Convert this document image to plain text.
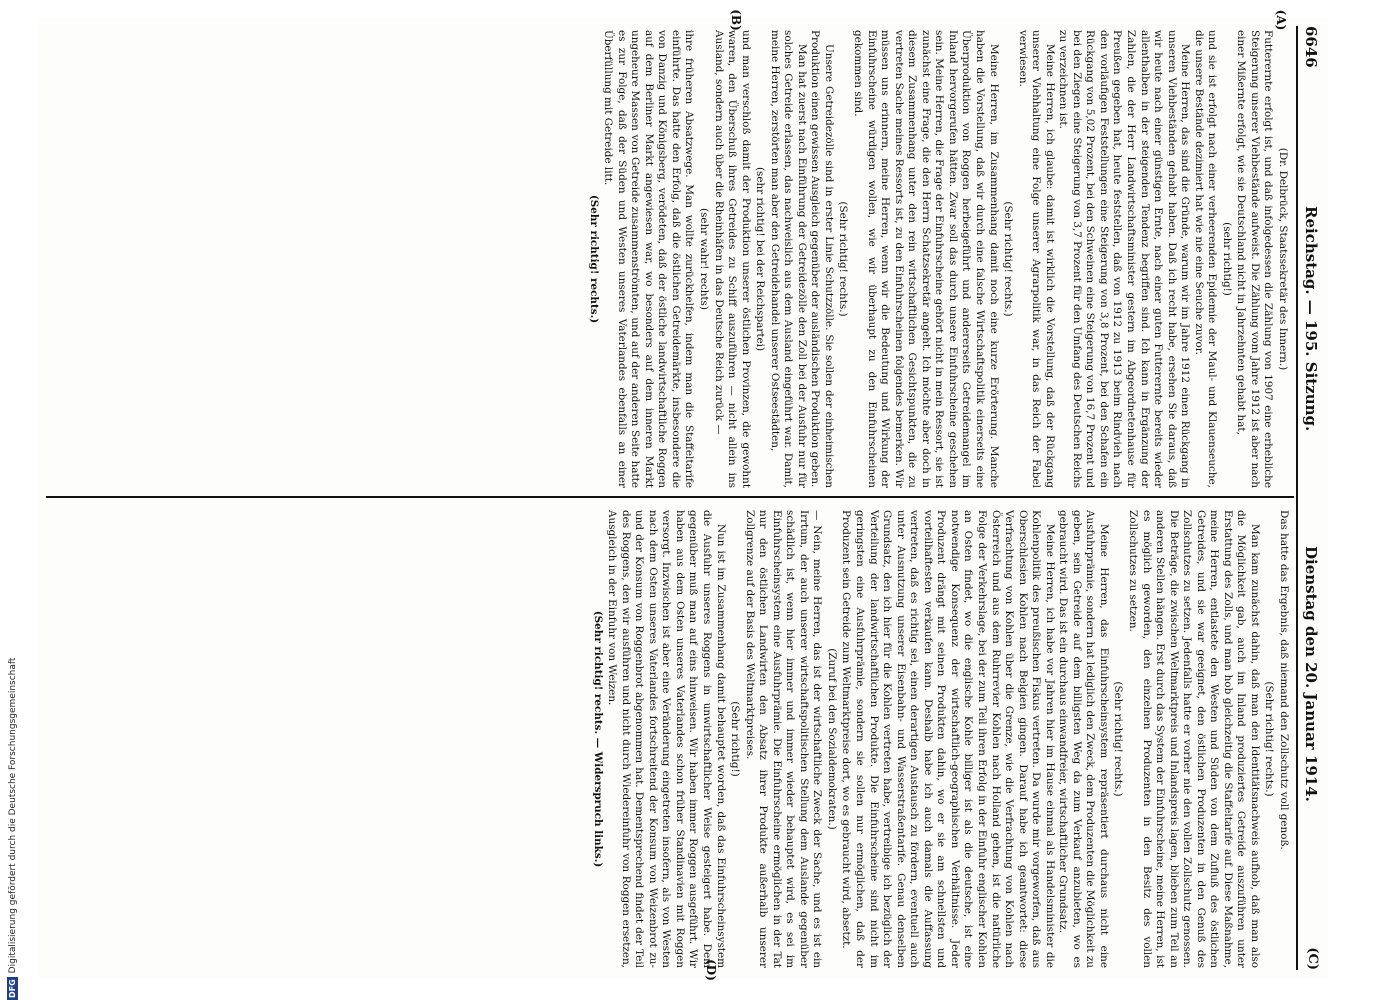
6646
Reichstag. — 195. Sitzung.
Dienstag den 20. Januar 1914.
(C)
(A)
(B)
(D)

(Dr. Delbrück, Staatssekretär des Innern.)

Futterernte erfolgt ist, und daß infolgedessen die Zählung von 1907 eine erhebliche Steigerung unserer Viehbestände aufweist. Die Zählung vom Jahre 1912 ist aber nach einer Mißernte erfolgt, wie sie Deutschland nicht in Jahrzehnten gehabt hat,

(sehr richtig!)

und sie ist erfolgt nach einer verheerenden Epidemie der Maul- und Klauenseuche, die unsere Bestände dezimiert hat wie nie eine Seuche zuvor.

Meine Herren, das sind die Gründe, warum wir im Jahre 1912 einen Rückgang in unseren Viehbeständen gehabt haben. Daß ich recht habe, ersehen Sie daraus, daß wir heute nach einer günstigen Ernte, nach einer guten Futterernte bereits wieder allenthalben in der steigenden Tendenz begriffen sind. Ich kann in Ergänzung der Zahlen, die der Herr Landwirtschaftsminister gestern im Abgeordnetenhause für Preußen gegeben hat, heute feststellen, daß von 1912 zu 1913 beim Rindvieh nach den vorläufigen Feststellungen eine Steigerung von 3,8 Prozent, bei den Schafen ein Rückgang von 5,02 Prozent, bei den Schweinen eine Steigerung von 16,7 Prozent und bei den Ziegen eine Steigerung von 3,7 Prozent für den Umfang des Deutschen Reichs zu verzeichnen ist.

Meine Herren, ich glaube: damit ist wirklich die Vorstellung, daß der Rückgang unserer Viehhaltung eine Folge unserer Agrarpolitik war, in das Reich der Fabel verwiesen.

(Sehr richtig! rechts.)

Meine Herren, im Zusammenhang damit noch eine kurze Erörterung. Manche haben die Vorstellung, daß wir durch eine falsche Wirtschaftspolitik einerseits eine Überproduktion von Roggen herbeigeführt und andererseits Getreidemangel im Inland hervorgerufen hätten. Zwar soll das durch unsere Einfuhrscheine geschehen sein. Meine Herren, die Frage der Einfuhrscheine gehört nicht in mein Ressort, sie ist zunächst eine Frage, die den Herrn Schatzsekretär angeht. Ich möchte aber doch in diesem Zusammenhang unter den rein wirtschaftlichen Gesichtspunkten, die zu vertreten Sache meines Ressorts ist, zu den Einfuhrscheinen folgendes bemerken. Wir müssen uns erinnern, meine Herren, wenn wir die Bedeutung und Wirkung der Einfuhrscheine würdigen wollen, wie wir überhaupt zu den Einfuhrscheinen gekommen sind.

(Sehr richtig! rechts.)

Unsere Getreidezölle sind in erster Linie Schutzzölle. Sie sollen der einheimischen Produktion einen gewissen Ausgleich gegenüber der ausländischen Produktion geben.

Man hat zuerst nach Einführung der Getreidezölle den Zoll bei der Ausfuhr nur für solches Getreide erlassen, das nachweislich aus dem Ausland eingeführt war. Damit, meine Herren, zerstörten man aber den Getreidehandel unserer Ostseestädten,

(sehr richtig! bei der Reichspartei)

und man verschloß damit der Produktion unserer östlichen Provinzen, die gewohnt waren, den Überschuß ihres Getreides zu Schiff auszuführen — nicht allein ins Ausland, sondern auch über die Rheinhäfen in das Deutsche Reich zurück —

(sehr wahr! rechts)

ihre früheren Absatzwege. Man wollte zurückhelfen, indem man die Staffeltarife einführte. Das hatte den Erfolg, daß die östlichen Getreidemärkte, insbesondere die von Danzig und Königsberg, verödeten, daß der östliche landwirtschaftliche Roggen auf dem Berliner Markt angewiesen war, wo besonders auf dem inneren Markt ungeheure Massen von Getreide zusammenströmten, und auf der anderen Seite hatte es zur Folge, daß der Süden und Westen unseres Vaterlandes ebenfalls an einer Überfüllung mit Getreide litt.

(Sehr richtig! rechts.)

Das hatte das Ergebnis, daß niemand den Zollschutz voll genoß.

(Sehr richtig! rechts.)

Man kam zunächst dahin, daß man den Identitätsnachweis aufhob, daß man also die Möglichkeit gab, auch im Inland produziertes Getreide auszuführen unter Erstattung des Zolls, und man hob gleichzeitig die Staffeltarife auf. Diese Maßnahme, meine Herren, entlastete den Westen und Süden von dem Zufluß des östlichen Getreides, und sie war geeignet, den östlichen Produzenten in den Genuß des Zollschutzes zu setzen. Jedenfalls hatte er vorher nie den vollen Zollschutz genossen. Die Beträge, die zwischen Weltmarktpreis und Inlandspreis lagen, blieben zum Teil an anderen Stellen hängen. Erst durch das System der Einfuhrscheine, meine Herren, ist es möglich geworden, den einzelnen Produzenten in den Besitz des vollen Zollschutzes zu setzen.

(Sehr richtig! rechts.)

Meine Herren, das Einfuhrscheinsystem repräsentiert durchaus nicht eine Ausfuhrprämie, sondern hat lediglich den Zweck, dem Produzenten die Möglichkeit zu geben, sein Getreide auf dem billigsten Weg da zum Verkauf anzubieten, wo es gebraucht wird. Das ist ein durchaus einwandfreier, wirtschaftlicher Grundsatz.

Meine Herren, ich habe vor Jahren hier im Hause einmal als Handelsminister die Kohlenpolitik des preußischen Fiskus vertreten. Da wurde mir vorgeworfen, daß aus Oberschlesien Kohlen nach Belgien gingen. Darauf habe ich geantwortet: diese Verfrachtung von Kohlen über die Grenze, wie die Verfrachtung von Kohlen nach Österreich und aus dem Ruhrrevier Kohlen nach Holland gehen, ist die natürliche Folge der Verkehrslage, bei der zum Teil ihren Erfolg in der Einfuhr englischer Kohlen an Osten findet, wo die englische Kohle billiger ist als die deutsche, ist eine notwendige Konsequenz der wirtschaftlich-geographischen Verhältnisse. Jeder Produzent drängt mit seinen Produkten dahin, wo er sie am schnellsten und vorteilhaftesten verkaufen kann. Deshalb habe ich auch damals die Auffassung vertreten, daß es richtig sei, einen derartigen Austausch zu fördern, eventuell auch unter Ausnutzung unserer Eisenbahn- und Wasserstraßentarife. Genau denselben Grundsatz, den ich hier für die Kohlen vertreten habe, vertreibige ich bezüglich der Verteilung der landwirtschaftlichen Produkte. Die Einfuhrscheine sind nicht im geringsten eine Ausfuhrprämie, sondern sie sollen nur ermöglichen, daß der Produzent sein Getreide zum Weltmarktpreise dort, wo es gebraucht wird, absetzt.

(Zuruf bei den Sozialdemokraten.)

— Nein, meine Herren, das ist der wirtschaftliche Zweck der Sache, und es ist ein Irrtum, der auch unserer wirtschaftspolitischen Stellung dem Auslande gegenüber schädlich ist, wenn hier immer und immer wieder behauptet wird, es sei im Einfuhrscheinsystem eine Ausfuhrprämie. Die Einfuhrscheine ermöglichen in der Tat nur den östlichen Landwirten den Absatz ihrer Produkte außerhalb unserer Zollgrenze auf der Basis des Weltmarktpreises.

(Sehr richtig!)

Nun ist im Zusammenhang damit behauptet worden, daß das Einfuhrscheinsystem die Ausfuhr unseres Roggens in unwirtschaftlicher Weise gesteigert habe. Dem gegenüber muß man auf eins hinweisen. Wir haben immer Roggen ausgeführt. Wir haben aus dem Osten unseres Vaterlandes schon früher Standinavien mit Roggen versorgt. Inzwischen ist aber eine Veränderung eingetreten insofern, als von Westen nach dem Osten unseres Vaterlandes fortschreitend der Konsum von Weizenbrot zu- und der Konsum von Roggenbrot abgenommen hat. Dementsprechend findet der Teil des Roggens, den wir ausführen und nicht durch Wiedereinfuhr von Roggen ersetzen, Ausgleich in der Einfuhr von Weizen.

(Sehr richtig! rechts. — Widerspruch links.)

DFGDigitalisierung gefördert durch die Deutsche Forschungsgemeinschaft
